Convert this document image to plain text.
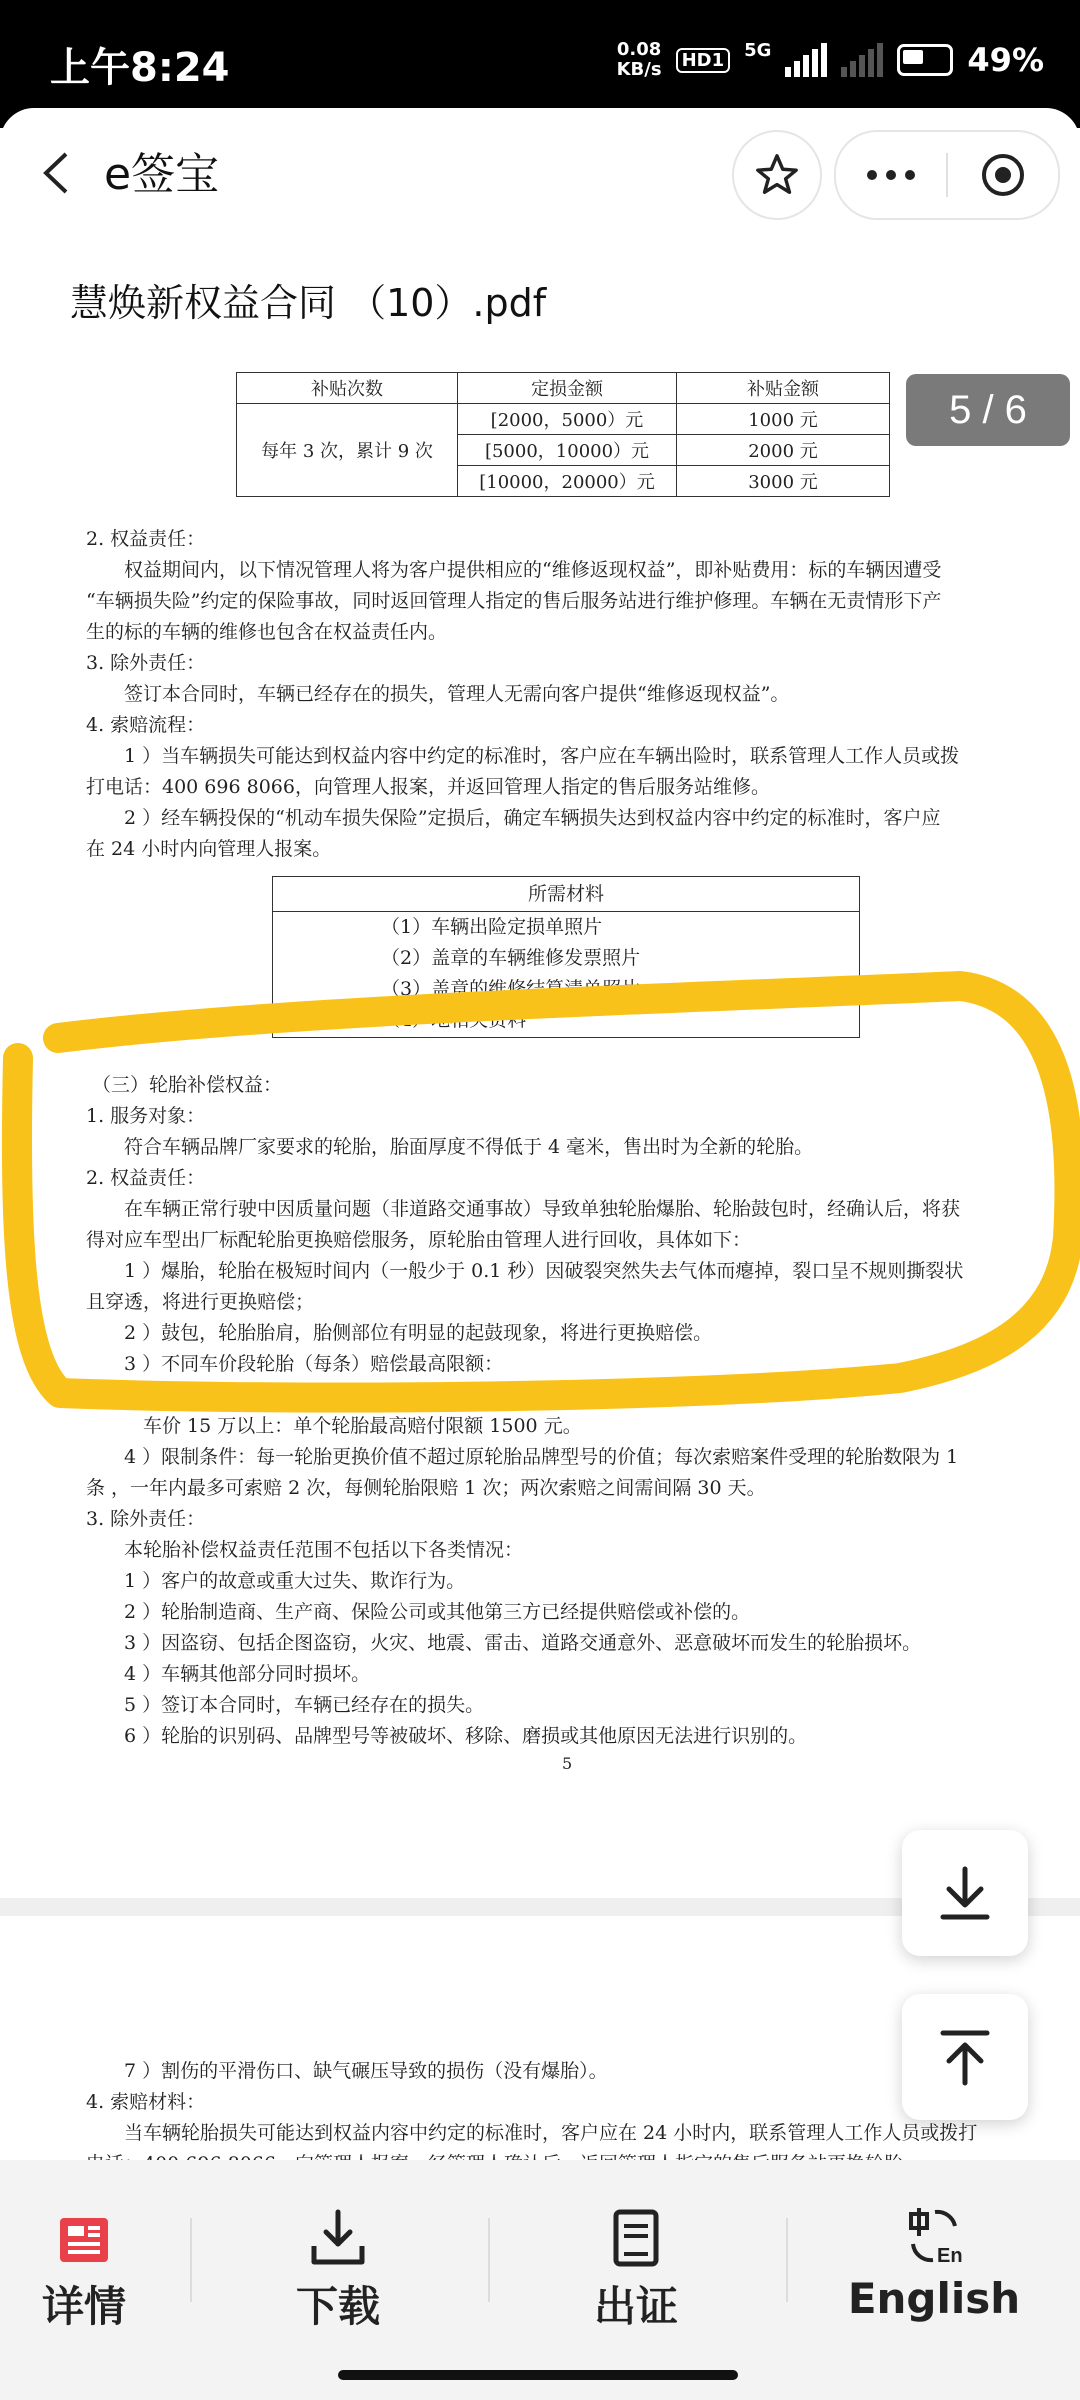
上午8:24	0.08
KB/s	HD1	5G	49%
e签宝
慧焕新权益合同 （10）.pdf
补贴次数	定损金额	补贴金额
每年 3 次，累计 9 次	[2000，5000）元	1000 元
	[5000，10000）元	2000 元
	[10000，20000）元	3000 元
2. 权益责任：
　　权益期间内，以下情况管理人将为客户提供相应的“维修返现权益”，即补贴费用：标的车辆因遭受
“车辆损失险”约定的保险事故，同时返回管理人指定的售后服务站进行维护修理。车辆在无责情形下产
生的标的车辆的维修也包含在权益责任内。
3. 除外责任：
　　签订本合同时，车辆已经存在的损失，管理人无需向客户提供“维修返现权益”。
4. 索赔流程：
　　1 ）当车辆损失可能达到权益内容中约定的标准时，客户应在车辆出险时，联系管理人工作人员或拨
打电话：400 696 8066，向管理人报案，并返回管理人指定的售后服务站维修。
　　2 ）经车辆投保的“机动车损失保险”定损后，确定车辆损失达到权益内容中约定的标准时，客户应
在 24 小时内向管理人报案。
所需材料
（1）车辆出险定损单照片
（2）盖章的车辆维修发票照片
（3）盖章的维修结算清单照片
（4）地相关资料
（三）轮胎补偿权益：
1. 服务对象：
　　符合车辆品牌厂家要求的轮胎，胎面厚度不得低于 4 毫米，售出时为全新的轮胎。
2. 权益责任：
　　在车辆正常行驶中因质量问题（非道路交通事故）导致单独轮胎爆胎、轮胎鼓包时，经确认后，将获
得对应车型出厂标配轮胎更换赔偿服务，原轮胎由管理人进行回收，具体如下：
　　1 ）爆胎，轮胎在极短时间内（一般少于 0.1 秒）因破裂突然失去气体而瘪掉，裂口呈不规则撕裂状
且穿透，将进行更换赔偿；
　　2 ）鼓包，轮胎胎肩，胎侧部位有明显的起鼓现象，将进行更换赔偿。
　　3 ）不同车价段轮胎（每条）赔偿最高限额：
　　　车价 15 万以下：单个轮胎最高赔付限额 800 元。
　　　车价 15 万以上：单个轮胎最高赔付限额 1500 元。
　　4 ）限制条件：每一轮胎更换价值不超过原轮胎品牌型号的价值；每次索赔案件受理的轮胎数限为 1
条 ，一年内最多可索赔 2 次，每侧轮胎限赔 1 次；两次索赔之间需间隔 30 天。
3. 除外责任：
　　本轮胎补偿权益责任范围不包括以下各类情况：
　　1 ）客户的故意或重大过失、欺诈行为。
　　2 ）轮胎制造商、生产商、保险公司或其他第三方已经提供赔偿或补偿的。
　　3 ）因盗窃、包括企图盗窃，火灾、地震、雷击、道路交通意外、恶意破坏而发生的轮胎损坏。
　　4 ）车辆其他部分同时损坏。
　　5 ）签订本合同时，车辆已经存在的损失。
　　6 ）轮胎的识别码、品牌型号等被破坏、移除、磨损或其他原因无法进行识别的。
5
　　7 ）割伤的平滑伤口、缺气碾压导致的损伤（没有爆胎）。
4. 索赔材料：
　　当车辆轮胎损失可能达到权益内容中约定的标准时，客户应在 24 小时内，联系管理人工作人员或拨打
5 / 6
详情	下载	出证
En
English
